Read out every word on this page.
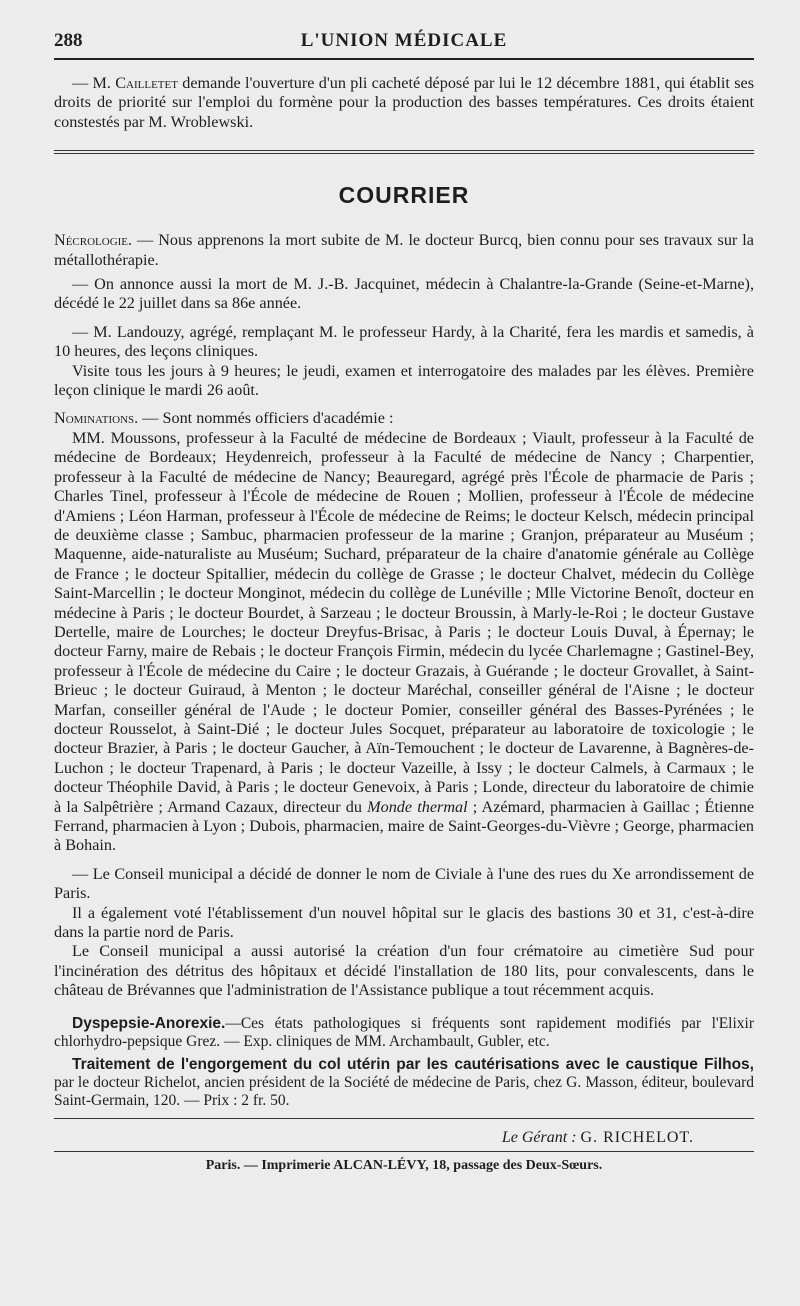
288	L'UNION MÉDICALE

— M. Cailletet demande l'ouverture d'un pli cacheté déposé par lui le 12 décembre 1881, qui établit ses droits de priorité sur l'emploi du formène pour la production des basses températures. Ces droits étaient constestés par M. Wroblewski.

COURRIER

Nécrologie. — Nous apprenons la mort subite de M. le docteur Burcq, bien connu pour ses travaux sur la métallothérapie.

— On annonce aussi la mort de M. J.-B. Jacquinet, médecin à Chalantre-la-Grande (Seine-et-Marne), décédé le 22 juillet dans sa 86e année.

— M. Landouzy, agrégé, remplaçant M. le professeur Hardy, à la Charité, fera les mardis et samedis, à 10 heures, des leçons cliniques.

Visite tous les jours à 9 heures; le jeudi, examen et interrogatoire des malades par les élèves. Première leçon clinique le mardi 26 août.

Nominations. — Sont nommés officiers d'académie :

MM. Moussons, professeur à la Faculté de médecine de Bordeaux ; Viault, professeur à la Faculté de médecine de Bordeaux; Heydenreich, professeur à la Faculté de médecine de Nancy ; Charpentier, professeur à la Faculté de médecine de Nancy; Beauregard, agrégé près l'École de pharmacie de Paris ; Charles Tinel, professeur à l'École de médecine de Rouen ; Mollien, professeur à l'École de médecine d'Amiens ; Léon Harman, professeur à l'École de médecine de Reims; le docteur Kelsch, médecin principal de deuxième classe ; Sambuc, pharmacien professeur de la marine ; Granjon, préparateur au Muséum ; Maquenne, aide-naturaliste au Muséum; Suchard, préparateur de la chaire d'anatomie générale au Collège de France ; le docteur Spitallier, médecin du collège de Grasse ; le docteur Chalvet, médecin du Collège Saint-Marcellin ; le docteur Monginot, médecin du collège de Lunéville ; Mlle Victorine Benoît, docteur en médecine à Paris ; le docteur Bourdet, à Sarzeau ; le docteur Broussin, à Marly-le-Roi ; le docteur Gustave Dertelle, maire de Lourches; le docteur Dreyfus-Brisac, à Paris ; le docteur Louis Duval, à Épernay; le docteur Farny, maire de Rebais ; le docteur François Firmin, médecin du lycée Charlemagne ; Gastinel-Bey, professeur à l'École de médecine du Caire ; le docteur Grazais, à Guérande ; le docteur Grovallet, à Saint-Brieuc ; le docteur Guiraud, à Menton ; le docteur Maréchal, conseiller général de l'Aisne ; le docteur Marfan, conseiller général de l'Aude ; le docteur Pomier, conseiller général des Basses-Pyrénées ; le docteur Rousselot, à Saint-Dié ; le docteur Jules Socquet, préparateur au laboratoire de toxicologie ; le docteur Brazier, à Paris ; le docteur Gaucher, à Aïn-Temouchent ; le docteur de Lavarenne, à Bagnères-de-Luchon ; le docteur Trapenard, à Paris ; le docteur Vazeille, à Issy ; le docteur Calmels, à Carmaux ; le docteur Théophile David, à Paris ; le docteur Genevoix, à Paris ; Londe, directeur du laboratoire de chimie à la Salpêtrière ; Armand Cazaux, directeur du Monde thermal ; Azémard, pharmacien à Gaillac ; Étienne Ferrand, pharmacien à Lyon ; Dubois, pharmacien, maire de Saint-Georges-du-Vièvre ; George, pharmacien à Bohain.

— Le Conseil municipal a décidé de donner le nom de Civiale à l'une des rues du Xe arrondissement de Paris.

Il a également voté l'établissement d'un nouvel hôpital sur le glacis des bastions 30 et 31, c'est-à-dire dans la partie nord de Paris.

Le Conseil municipal a aussi autorisé la création d'un four crématoire au cimetière Sud pour l'incinération des détritus des hôpitaux et décidé l'installation de 180 lits, pour convalescents, dans le château de Brévannes que l'administration de l'Assistance publique a tout récemment acquis.

Dyspepsie-Anorexie.—Ces états pathologiques si fréquents sont rapidement modifiés par l'Elixir chlorhydro-pepsique Grez. — Exp. cliniques de MM. Archambault, Gubler, etc.

Traitement de l'engorgement du col utérin par les cautérisations avec le caustique Filhos, par le docteur Richelot, ancien président de la Société de médecine de Paris, chez G. Masson, éditeur, boulevard Saint-Germain, 120. — Prix : 2 fr. 50.

Le Gérant : G. RICHELOT.
Paris. — Imprimerie ALCAN-LÉVY, 18, passage des Deux-Sœurs.
